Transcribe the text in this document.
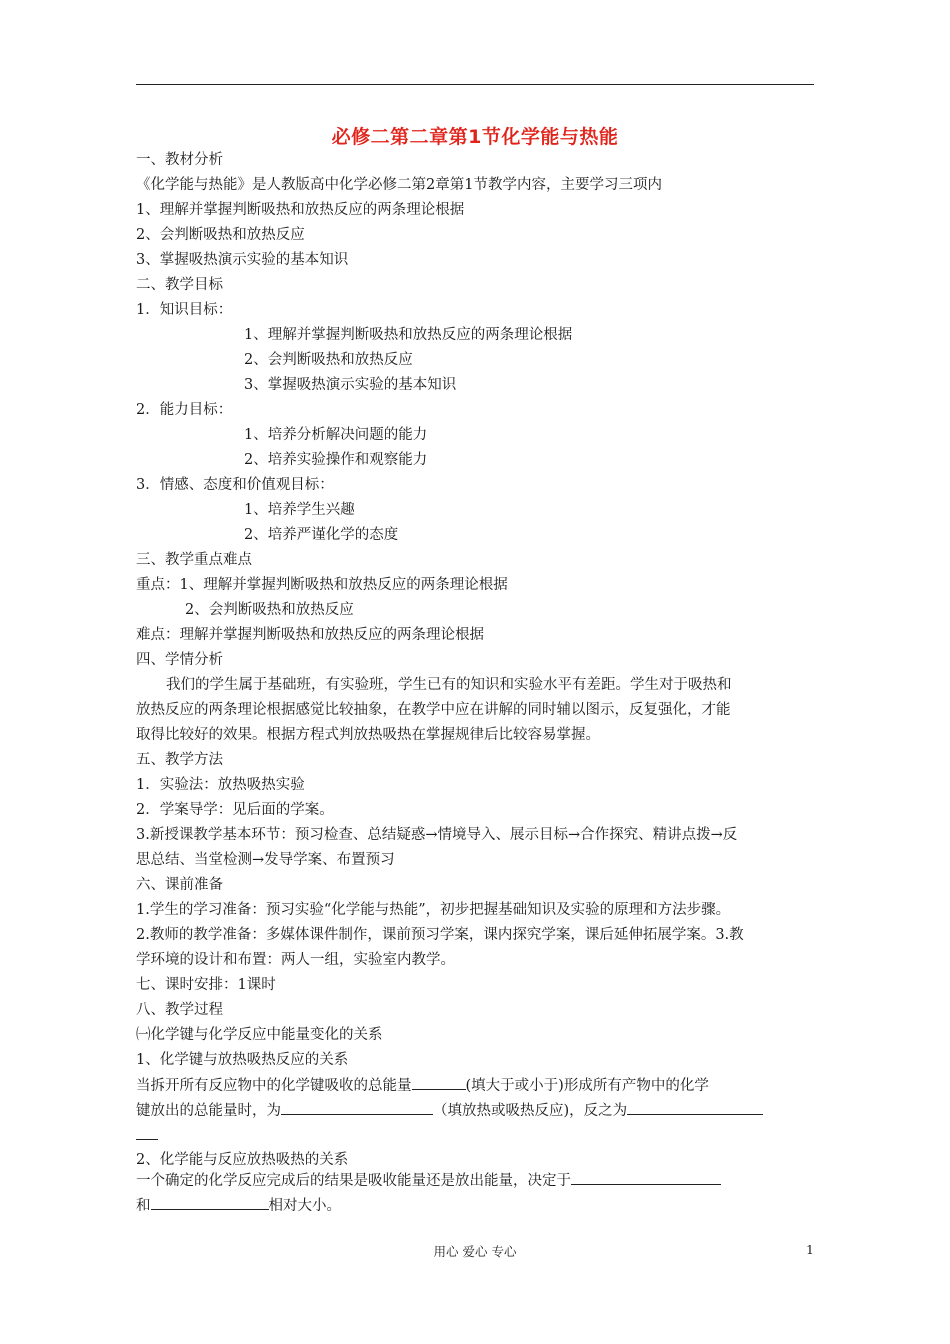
必修二第二章第1节化学能与热能
一、教材分析
《化学能与热能》是人教版高中化学必修二第2章第1节教学内容，主要学习三项内
1、理解并掌握判断吸热和放热反应的两条理论根据
2、会判断吸热和放热反应
3、掌握吸热演示实验的基本知识
二、教学目标
1．知识目标：
1、理解并掌握判断吸热和放热反应的两条理论根据
2、会判断吸热和放热反应
3、掌握吸热演示实验的基本知识
2．能力目标：
1、培养分析解决问题的能力
2、培养实验操作和观察能力
3．情感、态度和价值观目标：
1、培养学生兴趣
2、培养严谨化学的态度
三、教学重点难点
重点：1、理解并掌握判断吸热和放热反应的两条理论根据
2、会判断吸热和放热反应
难点：理解并掌握判断吸热和放热反应的两条理论根据
四、学情分析
我们的学生属于基础班，有实验班，学生已有的知识和实验水平有差距。学生对于吸热和
放热反应的两条理论根据感觉比较抽象，在教学中应在讲解的同时辅以图示，反复强化，才能
取得比较好的效果。根据方程式判放热吸热在掌握规律后比较容易掌握。
五、教学方法
1．实验法：放热吸热实验
2．学案导学：见后面的学案。
3.新授课教学基本环节：预习检查、总结疑惑→情境导入、展示目标→合作探究、精讲点拨→反
思总结、当堂检测→发导学案、布置预习
六、课前准备
1.学生的学习准备：预习实验“化学能与热能”，初步把握基础知识及实验的原理和方法步骤。
2.教师的教学准备：多媒体课件制作，课前预习学案，课内探究学案，课后延伸拓展学案。3.教
学环境的设计和布置：两人一组，实验室内教学。
七、课时安排：1课时
八、教学过程
㈠化学键与化学反应中能量变化的关系
1、化学键与放热吸热反应的关系
当拆开所有反应物中的化学键吸收的总能量	(填大于或小于)形成所有产物中的化学
键放出的总能量时，为	（填放热或吸热反应)，反之为
2、化学能与反应放热吸热的关系
一个确定的化学反应完成后的结果是吸收能量还是放出能量，决定于
和	相对大小。
用心 爱心 专心	1
